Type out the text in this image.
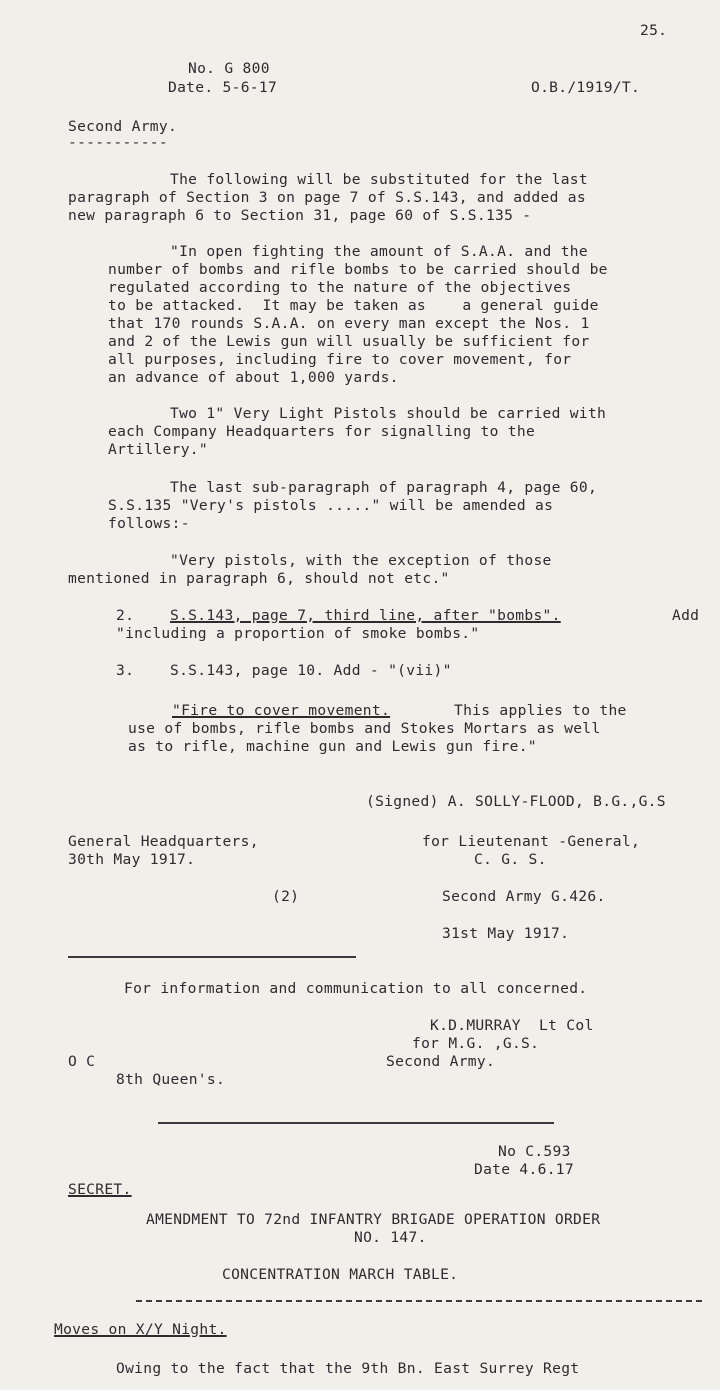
25.
No. G 800
Date. 5-6-17	O.B./1919/T.
Second Army.
-----------
The following will be substituted for the last
paragraph of Section 3 on page 7 of S.S.143, and added as
new paragraph 6 to Section 31, page 60 of S.S.135 -
"In open fighting the amount of S.A.A. and the
number of bombs and rifle bombs to be carried should be
regulated according to the nature of the objectives
to be attacked.  It may be taken as    a general guide
that 170 rounds S.A.A. on every man except the Nos. 1
and 2 of the Lewis gun will usually be sufficient for
all purposes, including fire to cover movement, for
an advance of about 1,000 yards.
Two 1" Very Light Pistols should be carried with
each Company Headquarters for signalling to the
Artillery."
The last sub-paragraph of paragraph 4, page 60,
S.S.135 "Very's pistols ....." will be amended as
follows:-
"Very pistols, with the exception of those
mentioned in paragraph 6, should not etc."
2. S.S.143, page 7, third line, after "bombs".	Add
"including a proportion of smoke bombs."
3. S.S.143, page 10. Add - "(vii)"
"Fire to cover movement.	This applies to the
use of bombs, rifle bombs and Stokes Mortars as well
as to rifle, machine gun and Lewis gun fire."
(Signed) A. SOLLY-FLOOD, B.G.,G.S
General Headquarters,
30th May 1917.
for Lieutenant -General,
C. G. S.
(2)	Second Army G.426.
31st May 1917.
For information and communication to all concerned.
K.D.MURRAY  Lt Col
for M.G. ,G.S.
Second Army.
O C
8th Queen's.
No C.593
Date 4.6.17
SECRET.
AMENDMENT TO 72nd INFANTRY BRIGADE OPERATION ORDER
NO. 147.
CONCENTRATION MARCH TABLE.
Moves on X/Y Night.
Owing to the fact that the 9th Bn. East Surrey Regt
